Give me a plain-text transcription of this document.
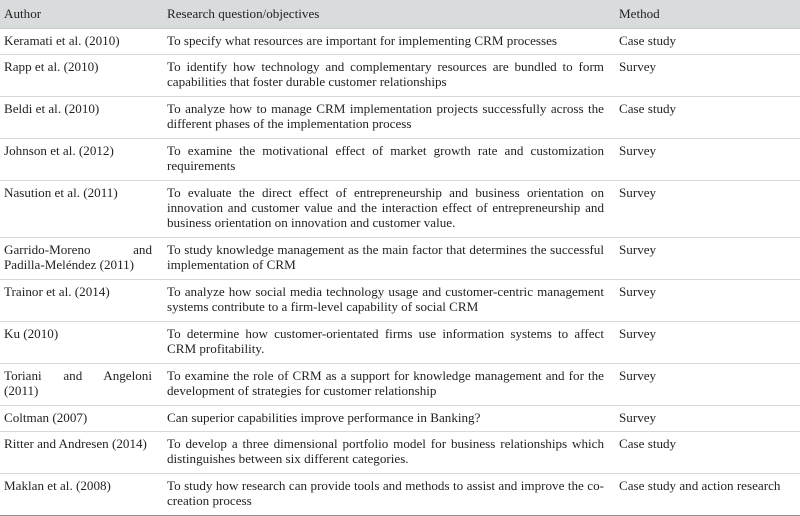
Author	Research question/objectives	Method
Keramati et al. (2010)	To specify what resources are important for implementing CRM processes	Case study
Rapp et al. (2010)	To identify how technology and complementary resources are bundled to form capabilities that foster durable customer relationships	Survey
Beldi et al. (2010)	To analyze how to manage CRM implementation projects successfully across the different phases of the implementation process	Case study
Johnson et al. (2012)	To examine the motivational effect of market growth rate and customization requirements	Survey
Nasution et al. (2011)	To evaluate the direct effect of entrepreneurship and business orientation on innovation and customer value and the interaction effect of entrepreneurship and business orientation on innovation and customer value.	Survey
Garrido-Moreno and Padilla-Meléndez (2011)	To study knowledge management as the main factor that determines the successful implementation of CRM	Survey
Trainor et al. (2014)	To analyze how social media technology usage and customer-centric management systems contribute to a firm-level capability of social CRM	Survey
Ku (2010)	To determine how customer-orientated firms use information systems to affect CRM profitability.	Survey
Toriani and Angeloni (2011)	To examine the role of CRM as a support for knowledge management and for the development of strategies for customer relationship	Survey
Coltman (2007)	Can superior capabilities improve performance in Banking?	Survey
Ritter and Andresen (2014)	To develop a three dimensional portfolio model for business relationships which distinguishes between six different categories.	Case study
Maklan et al. (2008)	To study how research can provide tools and methods to assist and improve the co-creation process	Case study and action research
